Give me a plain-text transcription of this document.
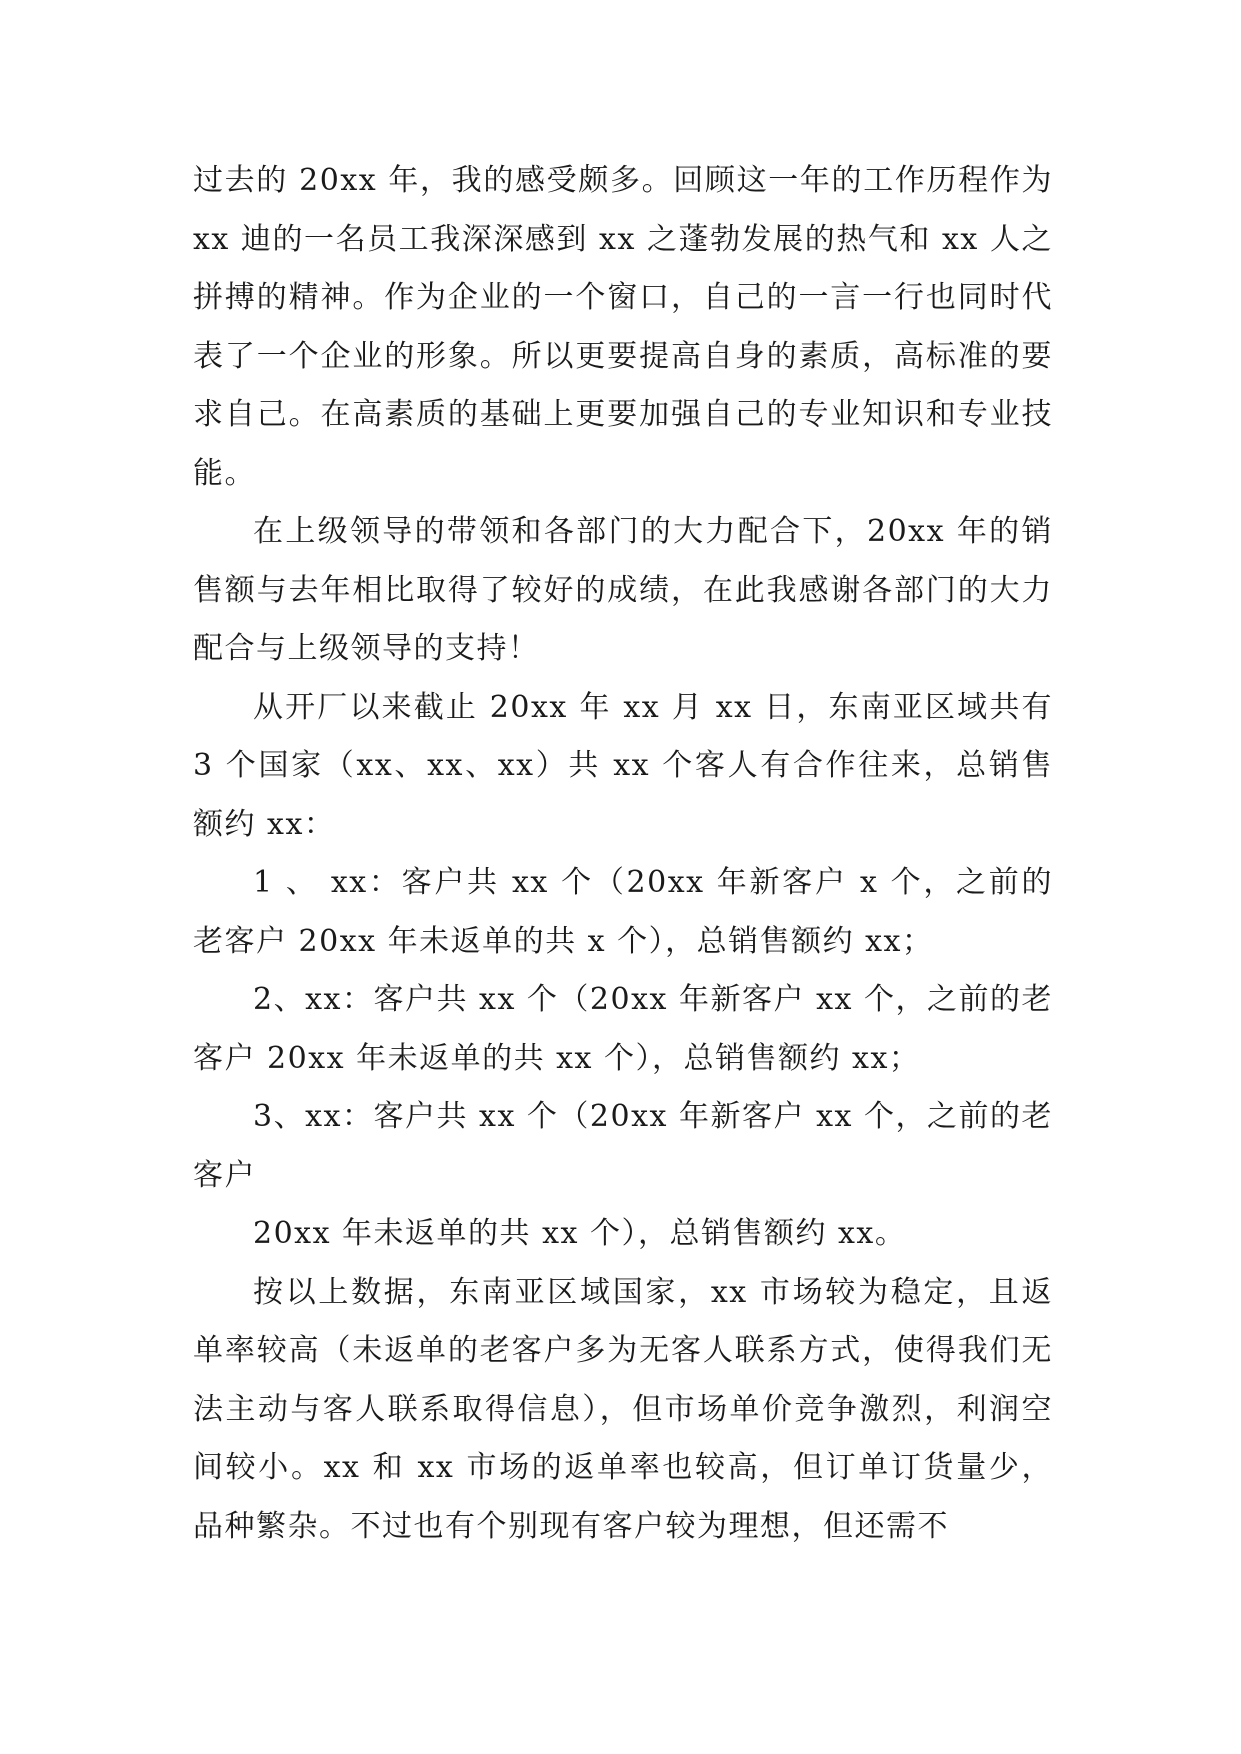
过去的 20xx 年，我的感受颇多。回顾这一年的工作历程作为 xx 迪的一名员工我深深感到 xx 之蓬勃发展的热气和 xx 人之拼搏的精神。作为企业的一个窗口，自己的一言一行也同时代表了一个企业的形象。所以更要提高自身的素质，高标准的要求自己。在高素质的基础上更要加强自己的专业知识和专业技能。

在上级领导的带领和各部门的大力配合下，20xx 年的销售额与去年相比取得了较好的成绩，在此我感谢各部门的大力配合与上级领导的支持！

从开厂以来截止 20xx 年 xx 月 xx 日，东南亚区域共有 3 个国家（xx、xx、xx）共 xx 个客人有合作往来，总销售额约 xx：

1 、 xx：客户共 xx 个（20xx 年新客户 x 个，之前的老客户 20xx 年未返单的共 x 个），总销售额约 xx；

2、xx：客户共 xx 个（20xx 年新客户 xx 个，之前的老客户 20xx 年未返单的共 xx 个），总销售额约 xx；

3、xx：客户共 xx 个（20xx 年新客户 xx 个，之前的老客户

20xx 年未返单的共 xx 个），总销售额约 xx。

按以上数据，东南亚区域国家，xx 市场较为稳定，且返单率较高（未返单的老客户多为无客人联系方式，使得我们无法主动与客人联系取得信息），但市场单价竞争激烈，利润空间较小。xx 和 xx 市场的返单率也较高，但订单订货量少，品种繁杂。不过也有个别现有客户较为理想，但还需不
